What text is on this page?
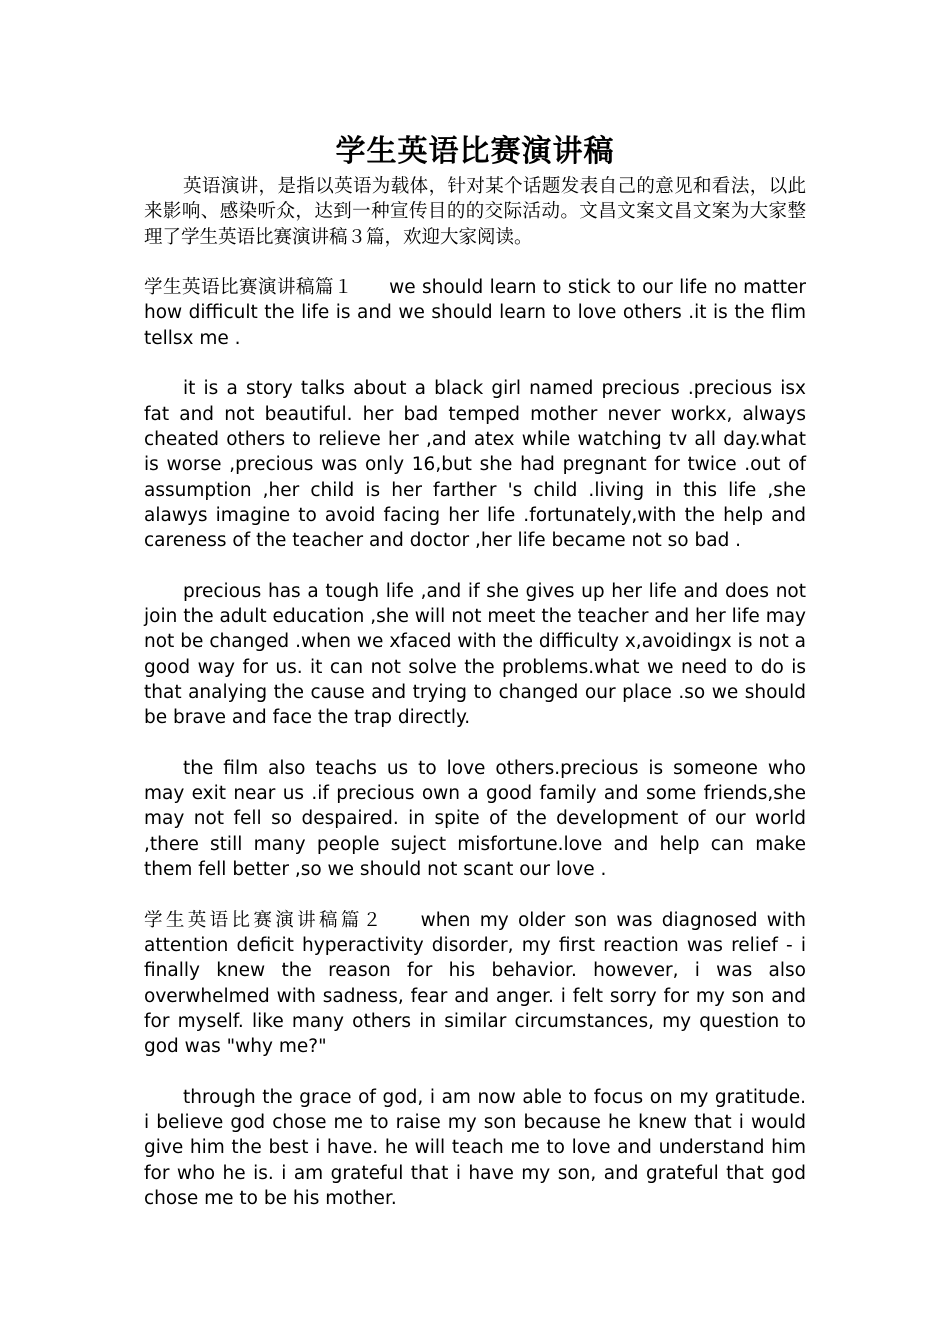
学生英语比赛演讲稿

英语演讲，是指以英语为载体，针对某个话题发表自己的意见和看法，以此来影响、感染听众，达到一种宣传目的的交际活动。文昌文案文昌文案为大家整理了学生英语比赛演讲稿３篇，欢迎大家阅读。

学生英语比赛演讲稿篇１ we should learn to stick to our life no matter how difficult the life is and we should learn to love others .it is the flim tellsx me .

it is a story talks about a black girl named precious .precious isx fat and not beautiful. her bad temped mother never workx, always cheated others to relieve her ,and atex while watching tv all day.what is worse ,precious was only 16,but she had pregnant for twice .out of assumption ,her child is her farther 's child .living in this life ,she alawys imagine to avoid facing her life .fortunately,with the help and careness of the teacher and doctor ,her life became not so bad .

precious has a tough life ,and if she gives up her life and does not join the adult education ,she will not meet the teacher and her life may not be changed .when we xfaced with the difficulty x,avoidingx is not a good way for us. it can not solve the problems.what we need to do is that analying the cause and trying to changed our place .so we should be brave and face the trap directly.

the film also teachs us to love others.precious is someone who may exit near us .if precious own a good family and some friends,she may not fell so despaired. in spite of the development of our world ,there still many people suject misfortune.love and help can make them fell better ,so we should not scant our love .

学生英语比赛演讲稿篇２ when my older son was diagnosed with attention deficit hyperactivity disorder, my first reaction was relief - i finally knew the reason for his behavior. however, i was also overwhelmed with sadness, fear and anger. i felt sorry for my son and for myself. like many others in similar circumstances, my question to god was "why me?"

through the grace of god, i am now able to focus on my gratitude. i believe god chose me to raise my son because he knew that i would give him the best i have. he will teach me to love and understand him for who he is. i am grateful that i have my son, and grateful that god chose me to be his mother.
